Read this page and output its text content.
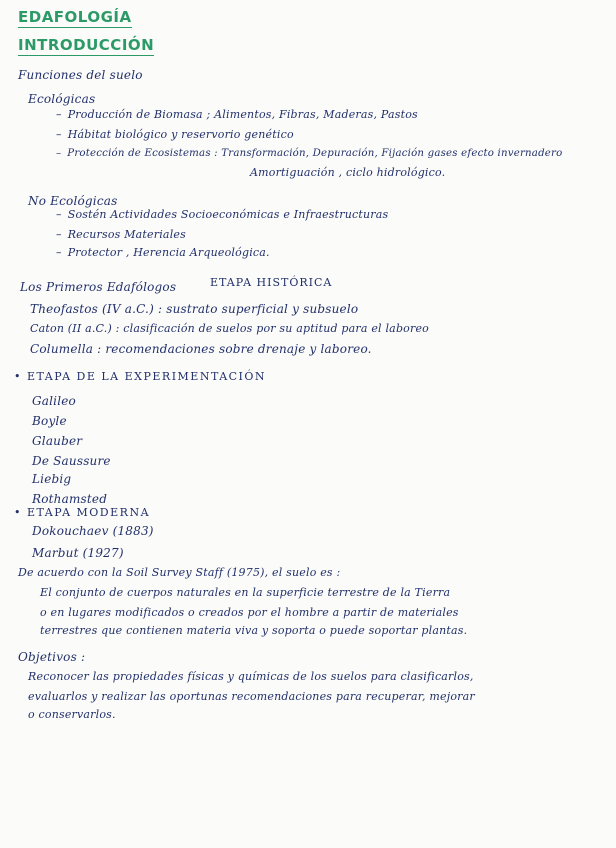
EDAFOLOGÍA
INTRODUCCIÓN
Funciones del suelo
Ecológicas
– Producción de Biomasa ; Alimentos, Fibras, Maderas, Pastos
– Hábitat biológico y reservorio genético
– Protección de Ecosistemas : Transformación, Depuración, Fijación gases efecto invernadero
Amortiguación , ciclo hidrológico.
No Ecológicas
– Sostén Actividades Socioeconómicas e Infraestructuras
– Recursos Materiales
– Protector , Herencia Arqueológica.
Los Primeros Edafólogos	ETAPA HISTÓRICA
Theofastos (IV a.C.) : sustrato superficial y subsuelo
Caton (II a.C.) : clasificación de suelos por su aptitud para el laboreo
Columella : recomendaciones sobre drenaje y laboreo.
• ETAPA DE LA EXPERIMENTACIÓN
Galileo
Boyle
Glauber
De Saussure
Liebig
Rothamsted
• ETAPA MODERNA
Dokouchaev (1883)
Marbut (1927)
De acuerdo con la Soil Survey Staff (1975), el suelo es :
El conjunto de cuerpos naturales en la superficie terrestre de la Tierra
o en lugares modificados o creados por el hombre a partir de materiales
terrestres que contienen materia viva y soporta o puede soportar plantas.
Objetivos :
Reconocer las propiedades físicas y químicas de los suelos para clasificarlos,
evaluarlos y realizar las oportunas recomendaciones para recuperar, mejorar
o conservarlos.
